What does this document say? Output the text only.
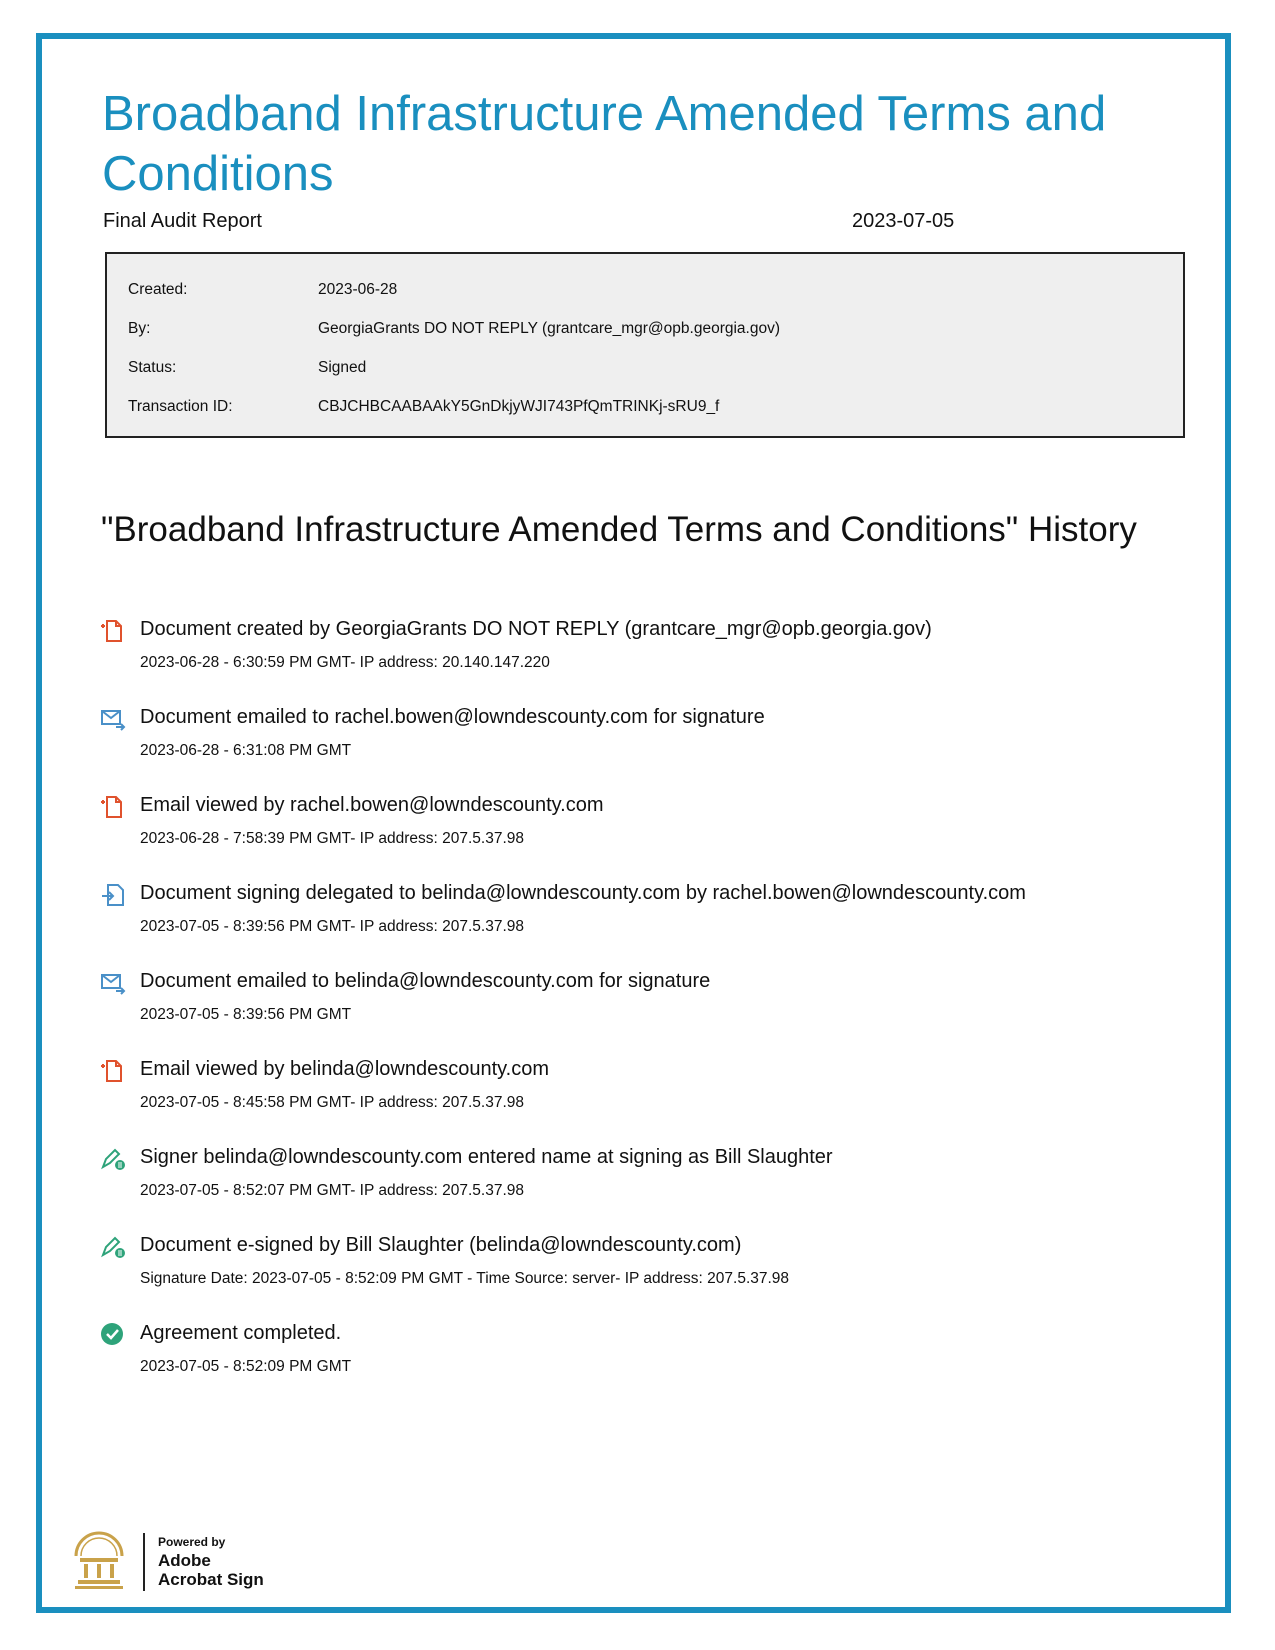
Broadband Infrastructure Amended Terms and Conditions
Final Audit Report	2023-07-05
Created:	2023-06-28
By:	GeorgiaGrants DO NOT REPLY (grantcare_mgr@opb.georgia.gov)
Status:	Signed
Transaction ID:	CBJCHBCAABAAkY5GnDkjyWJI743PfQmTRINKj-sRU9_f
"Broadband Infrastructure Amended Terms and Conditions" History
Document created by GeorgiaGrants DO NOT REPLY (grantcare_mgr@opb.georgia.gov)
2023-06-28 - 6:30:59 PM GMT- IP address: 20.140.147.220
Document emailed to rachel.bowen@lowndescounty.com for signature
2023-06-28 - 6:31:08 PM GMT
Email viewed by rachel.bowen@lowndescounty.com
2023-06-28 - 7:58:39 PM GMT- IP address: 207.5.37.98
Document signing delegated to belinda@lowndescounty.com by rachel.bowen@lowndescounty.com
2023-07-05 - 8:39:56 PM GMT- IP address: 207.5.37.98
Document emailed to belinda@lowndescounty.com for signature
2023-07-05 - 8:39:56 PM GMT
Email viewed by belinda@lowndescounty.com
2023-07-05 - 8:45:58 PM GMT- IP address: 207.5.37.98
Signer belinda@lowndescounty.com entered name at signing as Bill Slaughter
2023-07-05 - 8:52:07 PM GMT- IP address: 207.5.37.98
Document e-signed by Bill Slaughter (belinda@lowndescounty.com)
Signature Date: 2023-07-05 - 8:52:09 PM GMT - Time Source: server- IP address: 207.5.37.98
Agreement completed.
2023-07-05 - 8:52:09 PM GMT
Powered by
Adobe
Acrobat Sign
